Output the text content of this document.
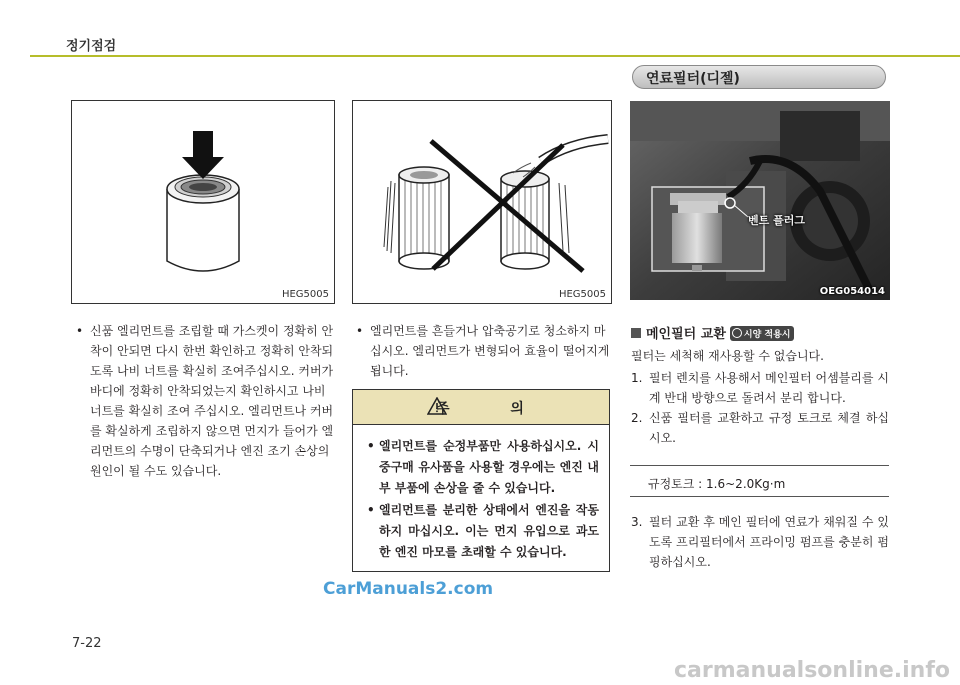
정기점검
HEG5005	HEG5005
연료필터(디젤)
벤트 플러그
OEG054014
• 신품 엘리먼트를 조립할 때 가스켓이 정확히 안착이 안되면 다시 한번 확인하고 정확히 안착되도록 나비 너트를 확실히 조여주십시오. 커버가 바디에 정확히 안착되었는지 확인하시고 나비 너트를 확실히 조여 주십시오. 엘리먼트나 커버를 확실하게 조립하지 않으면 먼지가 들어가 엘리먼트의 수명이 단축되거나 엔진 조기 손상의 원인이 될 수도 있습니다.
• 엘리먼트를 흔들거나 압축공기로 청소하지 마십시오. 엘리먼트가 변형되어 효율이 떨어지게 됩니다.
주 의
• 엘리먼트를 순정부품만 사용하십시오. 시중구매 유사품을 사용할 경우에는 엔진 내부 부품에 손상을 줄 수 있습니다.
• 엘리먼트를 분리한 상태에서 엔진을 작동하지 마십시오. 이는 먼지 유입으로 과도한 엔진 마모를 초래할 수 있습니다.
메인필터 교환 시양 적용시
필터는 세척해 재사용할 수 없습니다.
1. 필터 렌치를 사용해서 메인필터 어셈블리를 시계 반대 방향으로 돌려서 분리 합니다.
2. 신품 필터를 교환하고 규정 토크로 체결 하십시오.
규정토크 : 1.6~2.0Kg·m
3. 필터 교환 후 메인 필터에 연료가 채워질 수 있도록 프리필터에서 프라이밍 펌프를 충분히 펌핑하십시오.
CarManuals2.com
7-22
carmanualsonline.info
